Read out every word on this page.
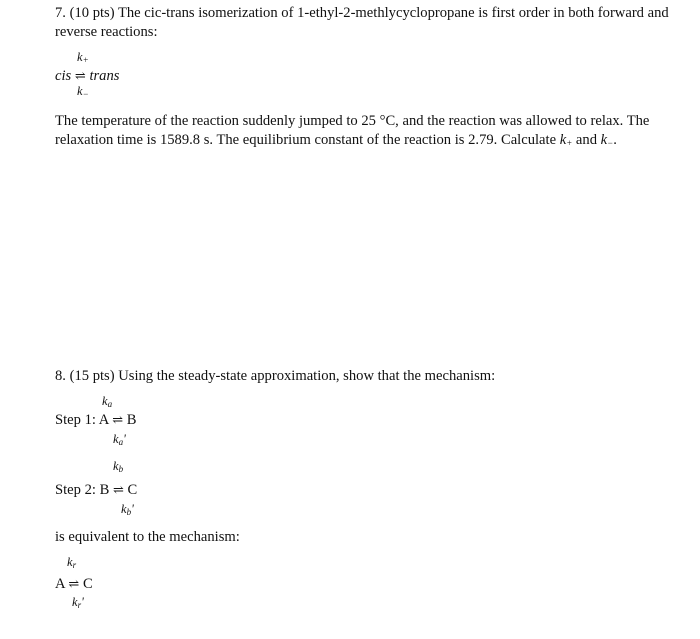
7. (10 pts) The cic-trans isomerization of 1-ethyl-2-methlycyclopropane is first order in both forward and
reverse reactions:
$k_+$
cis ⇌ trans
$k_-$
The temperature of the reaction suddenly jumped to 25 °C, and the reaction was allowed to relax. The
relaxation time is 1589.8 s. The equilibrium constant of the reaction is 2.79. Calculate $k_+$ and $k_-$.
8. (15 pts) Using the steady-state approximation, show that the mechanism:
$k_a$
Step 1: A ⇌ B
$k_a'$
$k_b$
Step 2: B ⇌ C
$k_b'$
is equivalent to the mechanism:
$k_r$
A ⇌ C
$k_r'$
